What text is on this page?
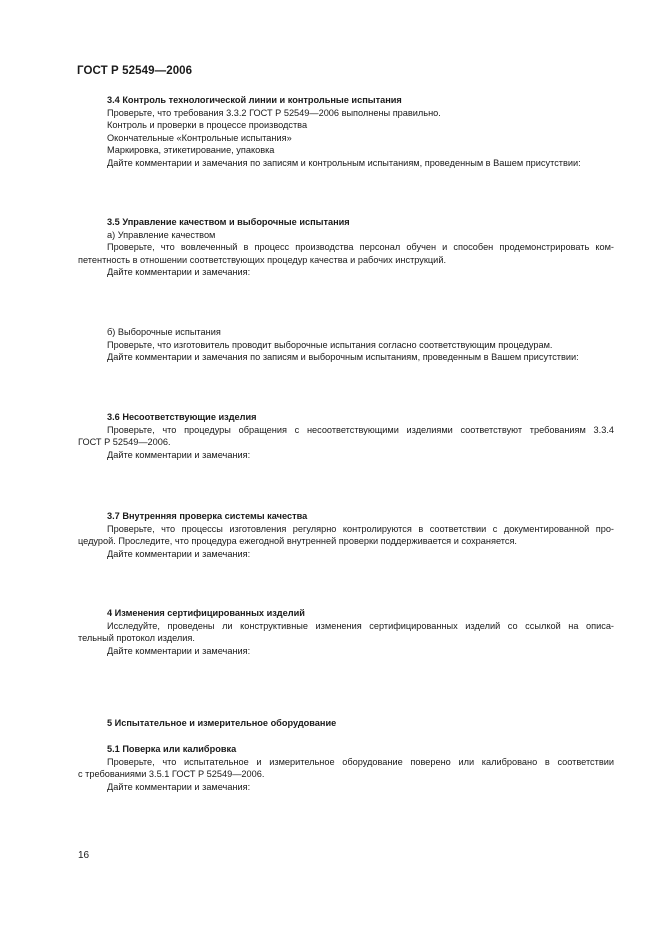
ГОСТ Р 52549—2006
3.4 Контроль технологической линии и контрольные испытания
Проверьте, что требования 3.3.2 ГОСТ Р 52549—2006 выполнены правильно.
Контроль и проверки в процессе производства
Окончательные «Контрольные испытания»
Маркировка, этикетирование, упаковка
Дайте комментарии и замечания по записям и контрольным испытаниям, проведенным в Вашем присутствии:
3.5 Управление качеством и выборочные испытания
а) Управление качеством
Проверьте, что вовлеченный в процесс производства персонал обучен и способен продемонстрировать ком-
петентность в отношении соответствующих процедур качества и рабочих инструкций.
Дайте комментарии и замечания:
б) Выборочные испытания
Проверьте, что изготовитель проводит выборочные испытания согласно соответствующим процедурам.
Дайте комментарии и замечания по записям и выборочным испытаниям, проведенным в Вашем присутствии:
3.6 Несоответствующие изделия
Проверьте, что процедуры обращения с несоответствующими изделиями соответствуют требованиям 3.3.4
ГОСТ Р 52549—2006.
Дайте комментарии и замечания:
3.7 Внутренняя проверка системы качества
Проверьте, что процессы изготовления регулярно контролируются в соответствии с документированной про-
цедурой. Проследите, что процедура ежегодной внутренней проверки поддерживается и сохраняется.
Дайте комментарии и замечания:
4 Изменения сертифицированных изделий
Исследуйте, проведены ли конструктивные изменения сертифицированных изделий со ссылкой на описа-
тельный протокол изделия.
Дайте комментарии и замечания:
5 Испытательное и измерительное оборудование
5.1 Поверка или калибровка
Проверьте, что испытательное и измерительное оборудование поверено или калибровано в соответствии
с требованиями 3.5.1 ГОСТ Р 52549—2006.
Дайте комментарии и замечания:
16
